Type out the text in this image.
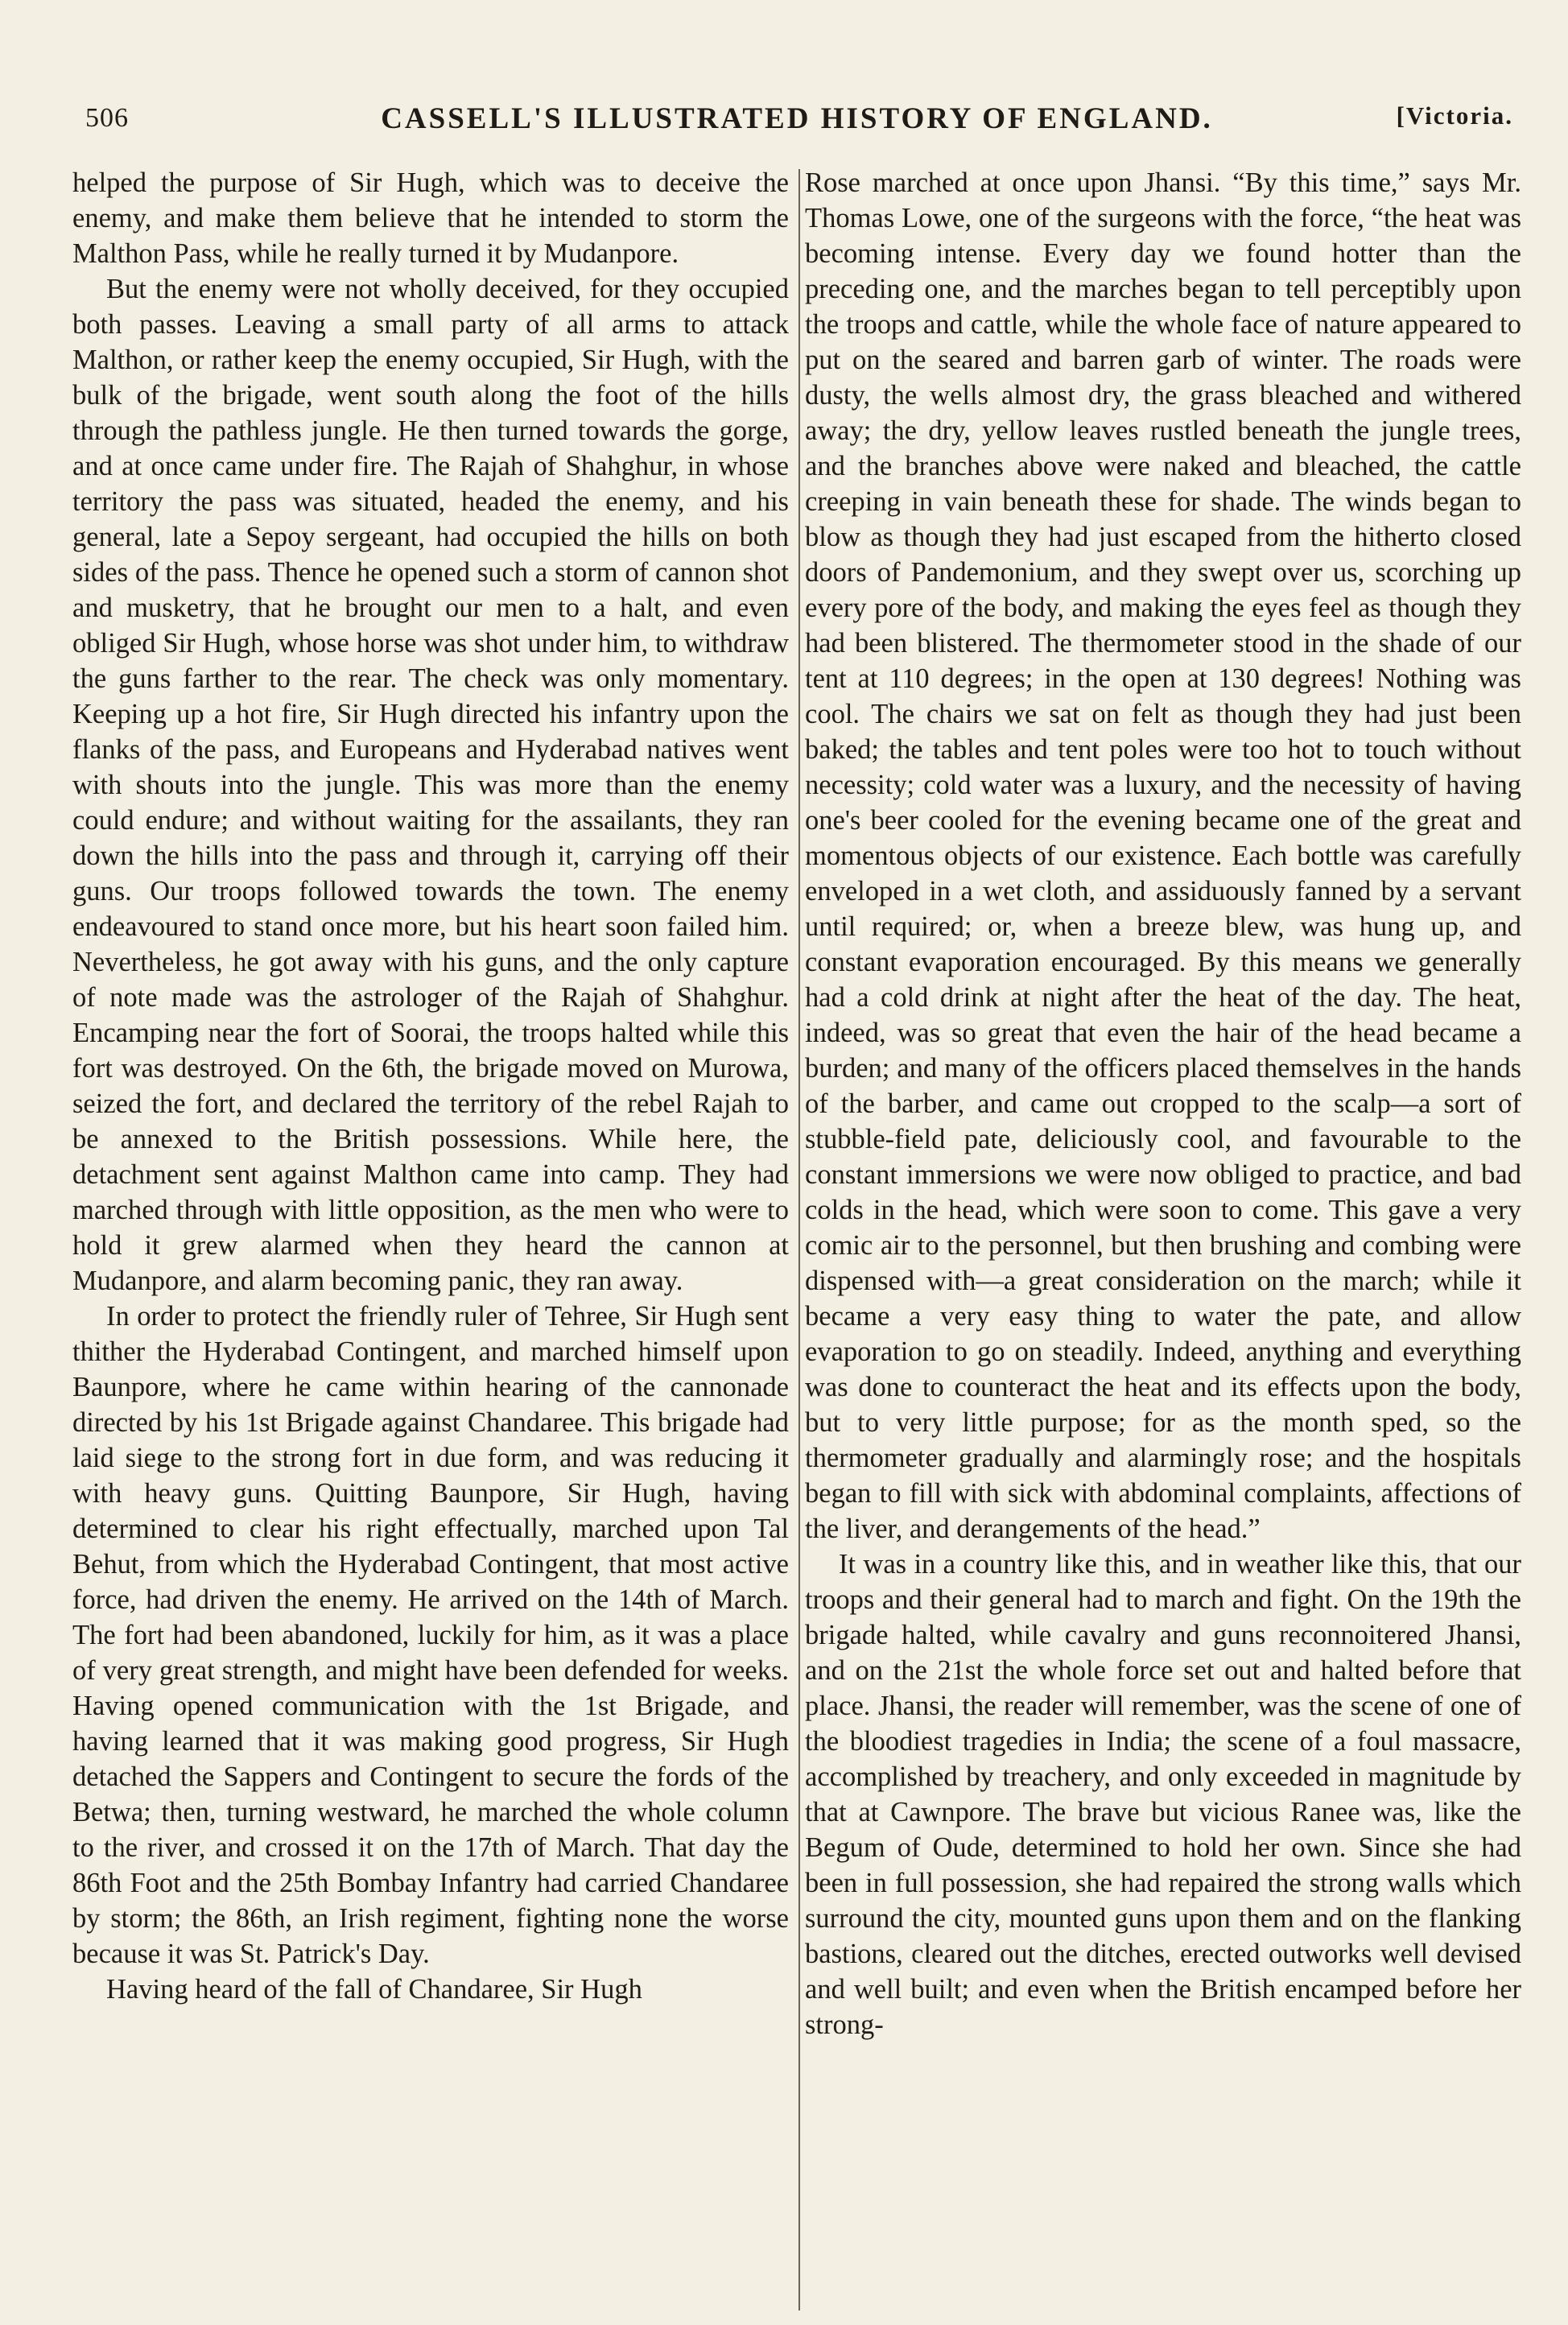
506	CASSELL'S ILLUSTRATED HISTORY OF ENGLAND.	[Victoria.

helped the purpose of Sir Hugh, which was to deceive the enemy, and make them believe that he intended to storm the Malthon Pass, while he really turned it by Mudanpore.

But the enemy were not wholly deceived, for they occupied both passes. Leaving a small party of all arms to attack Malthon, or rather keep the enemy occupied, Sir Hugh, with the bulk of the brigade, went south along the foot of the hills through the pathless jungle. He then turned towards the gorge, and at once came under fire. The Rajah of Shahghur, in whose territory the pass was situated, headed the enemy, and his general, late a Sepoy sergeant, had occupied the hills on both sides of the pass. Thence he opened such a storm of cannon shot and musketry, that he brought our men to a halt, and even obliged Sir Hugh, whose horse was shot under him, to withdraw the guns farther to the rear. The check was only momentary. Keeping up a hot fire, Sir Hugh directed his infantry upon the flanks of the pass, and Europeans and Hyderabad natives went with shouts into the jungle. This was more than the enemy could endure; and without waiting for the assailants, they ran down the hills into the pass and through it, carrying off their guns. Our troops followed towards the town. The enemy endeavoured to stand once more, but his heart soon failed him. Nevertheless, he got away with his guns, and the only capture of note made was the astrologer of the Rajah of Shahghur. Encamping near the fort of Soorai, the troops halted while this fort was destroyed. On the 6th, the brigade moved on Murowa, seized the fort, and declared the territory of the rebel Rajah to be annexed to the British possessions. While here, the detachment sent against Malthon came into camp. They had marched through with little opposition, as the men who were to hold it grew alarmed when they heard the cannon at Mudanpore, and alarm becoming panic, they ran away.

In order to protect the friendly ruler of Tehree, Sir Hugh sent thither the Hyderabad Contingent, and marched himself upon Baunpore, where he came within hearing of the cannonade directed by his 1st Brigade against Chandaree. This brigade had laid siege to the strong fort in due form, and was reducing it with heavy guns. Quitting Baunpore, Sir Hugh, having determined to clear his right effectually, marched upon Tal Behut, from which the Hyderabad Contingent, that most active force, had driven the enemy. He arrived on the 14th of March. The fort had been abandoned, luckily for him, as it was a place of very great strength, and might have been defended for weeks. Having opened communication with the 1st Brigade, and having learned that it was making good progress, Sir Hugh detached the Sappers and Contingent to secure the fords of the Betwa; then, turning westward, he marched the whole column to the river, and crossed it on the 17th of March. That day the 86th Foot and the 25th Bombay Infantry had carried Chandaree by storm; the 86th, an Irish regiment, fighting none the worse because it was St. Patrick's Day.

Having heard of the fall of Chandaree, Sir Hugh

Rose marched at once upon Jhansi. “By this time,” says Mr. Thomas Lowe, one of the surgeons with the force, “the heat was becoming intense. Every day we found hotter than the preceding one, and the marches began to tell perceptibly upon the troops and cattle, while the whole face of nature appeared to put on the seared and barren garb of winter. The roads were dusty, the wells almost dry, the grass bleached and withered away; the dry, yellow leaves rustled beneath the jungle trees, and the branches above were naked and bleached, the cattle creeping in vain beneath these for shade. The winds began to blow as though they had just escaped from the hitherto closed doors of Pandemonium, and they swept over us, scorching up every pore of the body, and making the eyes feel as though they had been blistered. The thermometer stood in the shade of our tent at 110 degrees; in the open at 130 degrees! Nothing was cool. The chairs we sat on felt as though they had just been baked; the tables and tent poles were too hot to touch without necessity; cold water was a luxury, and the necessity of having one's beer cooled for the evening became one of the great and momentous objects of our existence. Each bottle was carefully enveloped in a wet cloth, and assiduously fanned by a servant until required; or, when a breeze blew, was hung up, and constant evaporation encouraged. By this means we generally had a cold drink at night after the heat of the day. The heat, indeed, was so great that even the hair of the head became a burden; and many of the officers placed themselves in the hands of the barber, and came out cropped to the scalp—a sort of stubble-field pate, deliciously cool, and favourable to the constant immersions we were now obliged to practice, and bad colds in the head, which were soon to come. This gave a very comic air to the personnel, but then brushing and combing were dispensed with—a great consideration on the march; while it became a very easy thing to water the pate, and allow evaporation to go on steadily. Indeed, anything and everything was done to counteract the heat and its effects upon the body, but to very little purpose; for as the month sped, so the thermometer gradually and alarmingly rose; and the hospitals began to fill with sick with abdominal complaints, affections of the liver, and derangements of the head.”

It was in a country like this, and in weather like this, that our troops and their general had to march and fight. On the 19th the brigade halted, while cavalry and guns reconnoitered Jhansi, and on the 21st the whole force set out and halted before that place. Jhansi, the reader will remember, was the scene of one of the bloodiest tragedies in India; the scene of a foul massacre, accomplished by treachery, and only exceeded in magnitude by that at Cawnpore. The brave but vicious Ranee was, like the Begum of Oude, determined to hold her own. Since she had been in full possession, she had repaired the strong walls which surround the city, mounted guns upon them and on the flanking bastions, cleared out the ditches, erected outworks well devised and well built; and even when the British encamped before her strong-
